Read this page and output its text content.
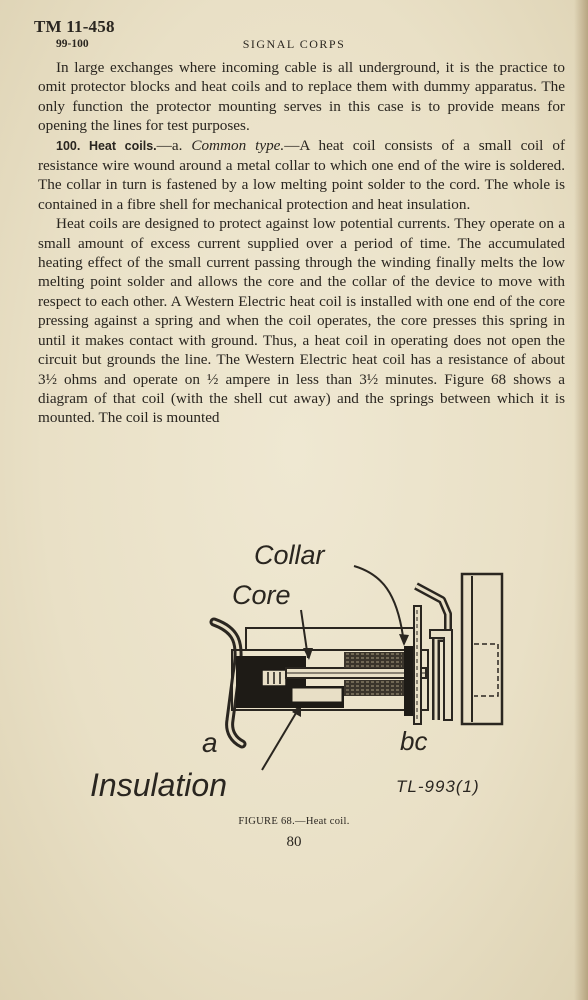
TM 11-458
99-100	SIGNAL CORPS

In large exchanges where incoming cable is all underground, it is the practice to omit protector blocks and heat coils and to replace them with dummy apparatus. The only function the protector mounting serves in this case is to provide means for opening the lines for test purposes.

100. Heat coils.—a. Common type.—A heat coil consists of a small coil of resistance wire wound around a metal collar to which one end of the wire is soldered. The collar in turn is fastened by a low melting point solder to the cord. The whole is contained in a fibre shell for mechanical protection and heat insulation.

Heat coils are designed to protect against low potential currents. They operate on a small amount of excess current supplied over a period of time. The accumulated heating effect of the small current passing through the winding finally melts the low melting point solder and allows the core and the collar of the device to move with respect to each other. A Western Electric heat coil is installed with one end of the core pressing against a spring and when the coil operates, the core presses this spring in until it makes contact with ground. Thus, a heat coil in operating does not open the circuit but grounds the line. The Western Electric heat coil has a resistance of about 3½ ohms and operate on ½ ampere in less than 3½ minutes. Figure 68 shows a diagram of that coil (with the shell cut away) and the springs between which it is mounted. The coil is mounted

Collar
Core
a	bc
Insulation	TL-993(1)
FIGURE 68.—Heat coil.
80
